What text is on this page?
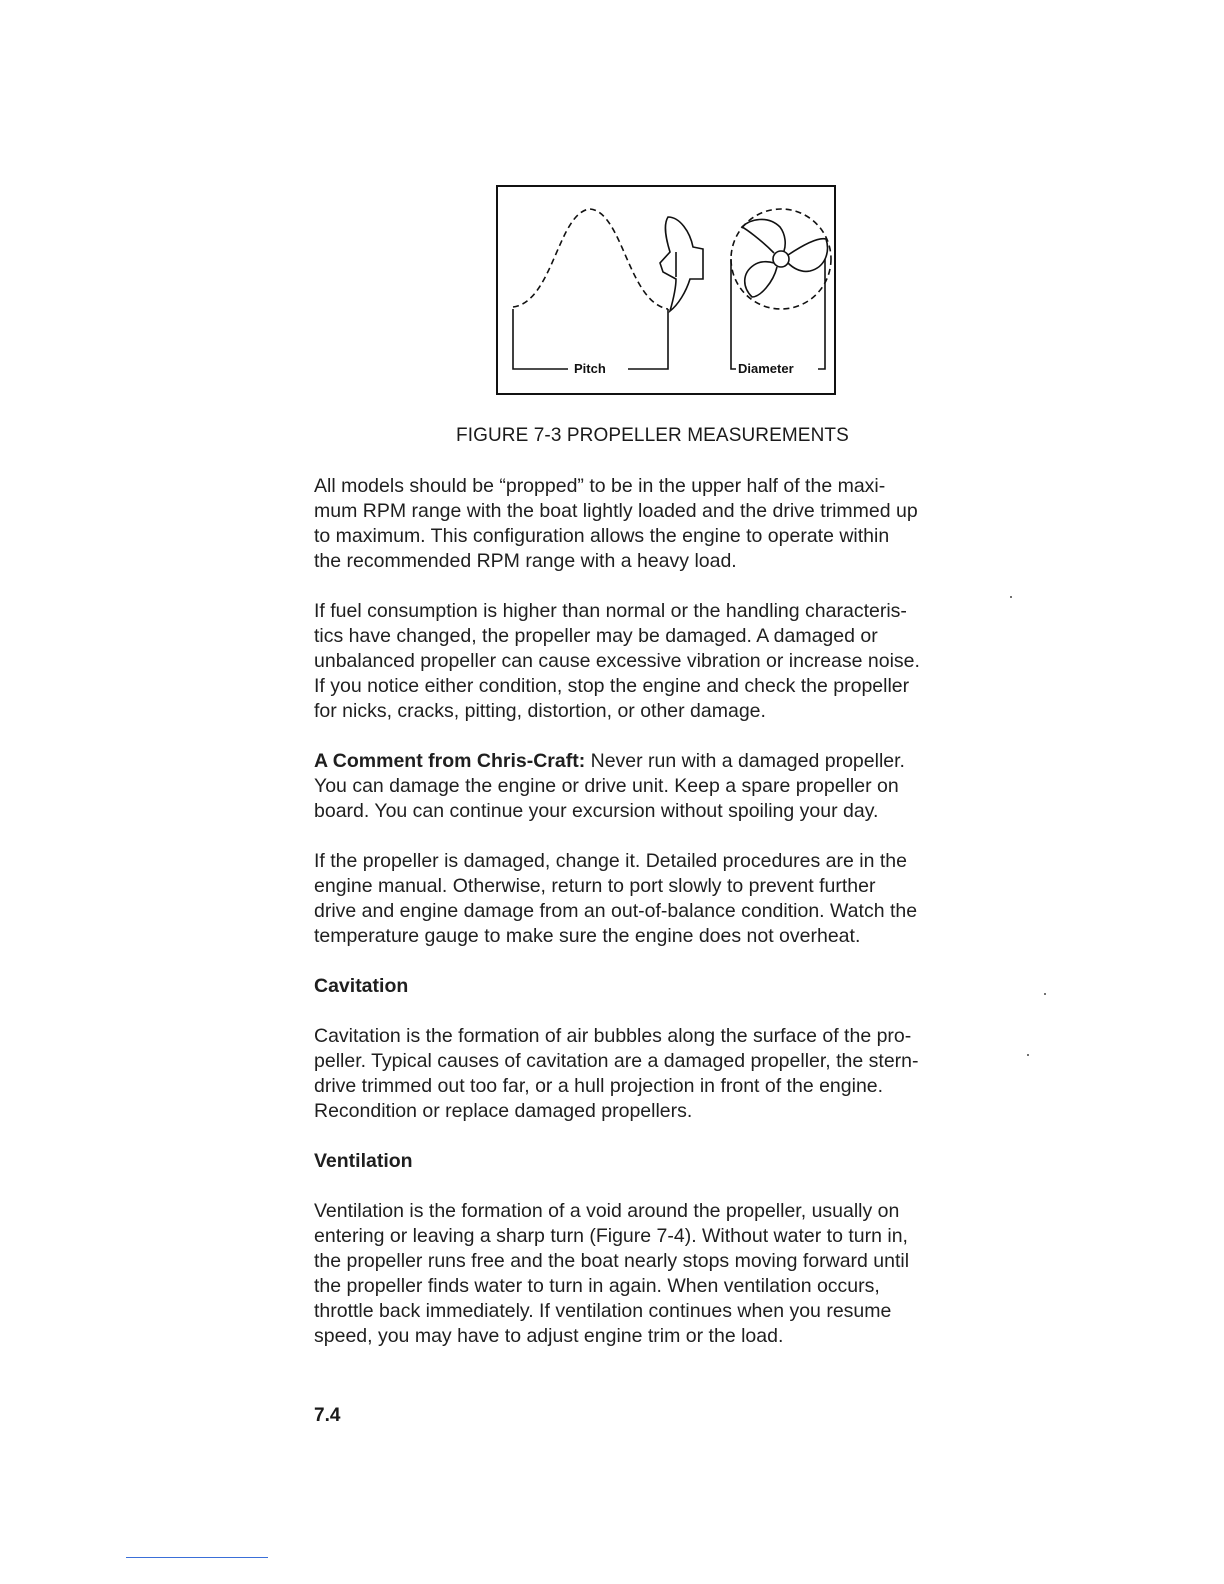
Pitch	Diameter
FIGURE 7-3 PROPELLER MEASUREMENTS

All models should be “propped” to be in the upper half of the maxi-
mum RPM range with the boat lightly loaded and the drive trimmed up
to maximum. This configuration allows the engine to operate within
the recommended RPM range with a heavy load.

If fuel consumption is higher than normal or the handling characteris-
tics have changed, the propeller may be damaged. A damaged or
unbalanced propeller can cause excessive vibration or increase noise.
If you notice either condition, stop the engine and check the propeller
for nicks, cracks, pitting, distortion, or other damage.

A Comment from Chris-Craft: Never run with a damaged propeller.
You can damage the engine or drive unit. Keep a spare propeller on
board. You can continue your excursion without spoiling your day.

If the propeller is damaged, change it. Detailed procedures are in the
engine manual. Otherwise, return to port slowly to prevent further
drive and engine damage from an out-of-balance condition. Watch the
temperature gauge to make sure the engine does not overheat.

Cavitation

Cavitation is the formation of air bubbles along the surface of the pro-
peller. Typical causes of cavitation are a damaged propeller, the stern-
drive trimmed out too far, or a hull projection in front of the engine.
Recondition or replace damaged propellers.

Ventilation

Ventilation is the formation of a void around the propeller, usually on
entering or leaving a sharp turn (Figure 7-4). Without water to turn in,
the propeller runs free and the boat nearly stops moving forward until
the propeller finds water to turn in again. When ventilation occurs,
throttle back immediately. If ventilation continues when you resume
speed, you may have to adjust engine trim or the load.

7.4
